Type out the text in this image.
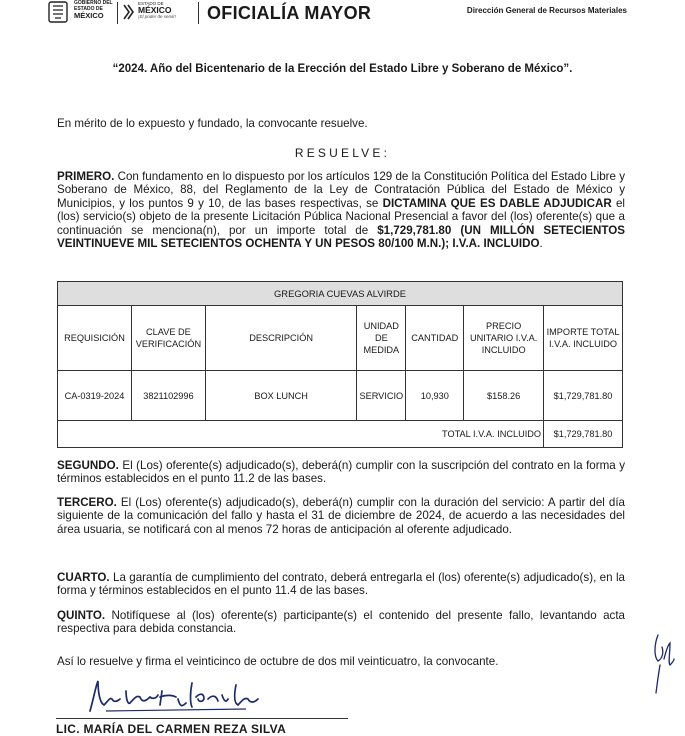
GOBIERNO DEL
ESTADO DE
MÉXICO
ESTADO DE
MÉXICO
¡El poder de servir! OFICIALÍA MAYOR	Dirección General de Recursos Materiales
“2024. Año del Bicentenario de la Erección del Estado Libre y Soberano de México”.
En mérito de lo expuesto y fundado, la convocante resuelve.
RESUELVE:
PRIMERO. Con fundamento en lo dispuesto por los artículos 129 de la Constitución Política del Estado Libre y Soberano de México, 88, del Reglamento de la Ley de Contratación Pública del Estado de México y Municipios, y los puntos 9 y 10, de las bases respectivas, se DICTAMINA QUE ES DABLE ADJUDICAR el (los) servicio(s) objeto de la presente Licitación Pública Nacional Presencial a favor del (los) oferente(s) que a continuación se menciona(n), por un importe total de $1,729,781.80 (UN MILLÓN SETECIENTOS VEINTINUEVE MIL SETECIENTOS OCHENTA Y UN PESOS 80/100 M.N.); I.V.A. INCLUIDO.
GREGORIA CUEVAS ALVIRDE						
REQUISICIÓN	CLAVE DE VERIFICACIÓN	DESCRIPCIÓN	UNIDAD DE MEDIDA	CANTIDAD	PRECIO UNITARIO I.V.A. INCLUIDO	IMPORTE TOTAL I.V.A. INCLUIDO
CA-0319-2024	3821102996	BOX LUNCH	SERVICIO	10,930	$158.26	$1,729,781.80
TOTAL I.V.A. INCLUIDO						$1,729,781.80
SEGUNDO. El (Los) oferente(s) adjudicado(s), deberá(n) cumplir con la suscripción del contrato en la forma y términos establecidos en el punto 11.2 de las bases.
TERCERO. El (Los) oferente(s) adjudicado(s), deberá(n) cumplir con la duración del servicio: A partir del día siguiente de la comunicación del fallo y hasta el 31 de diciembre de 2024, de acuerdo a las necesidades del área usuaria, se notificará con al menos 72 horas de anticipación al oferente adjudicado.
CUARTO. La garantía de cumplimiento del contrato, deberá entregarla el (los) oferente(s) adjudicado(s), en la forma y términos establecidos en el punto 11.4 de las bases.
QUINTO. Notifíquese al (los) oferente(s) participante(s) el contenido del presente fallo, levantando acta respectiva para debida constancia.
Así lo resuelve y firma el veinticinco de octubre de dos mil veinticuatro, la convocante.
LIC. MARÍA DEL CARMEN REZA SILVA
